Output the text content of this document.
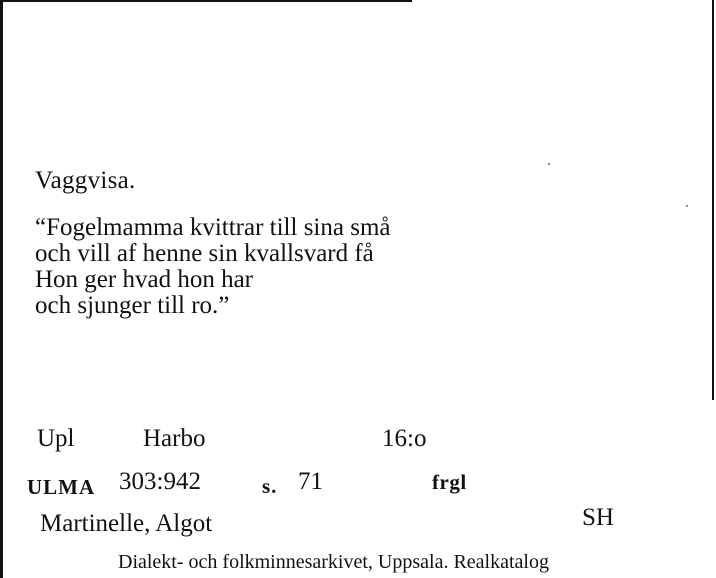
Vaggvisa.
“Fogelmamma kvittrar till sina små
och vill af henne sin kvallsvard få
Hon ger hvad hon har
och sjunger till ro.”
Upl	Harbo	16:o
ULMA 303:942	s. 71	frgl
Martinelle, Algot	SH
Dialekt- och folkminnesarkivet, Uppsala. Realkatalog
